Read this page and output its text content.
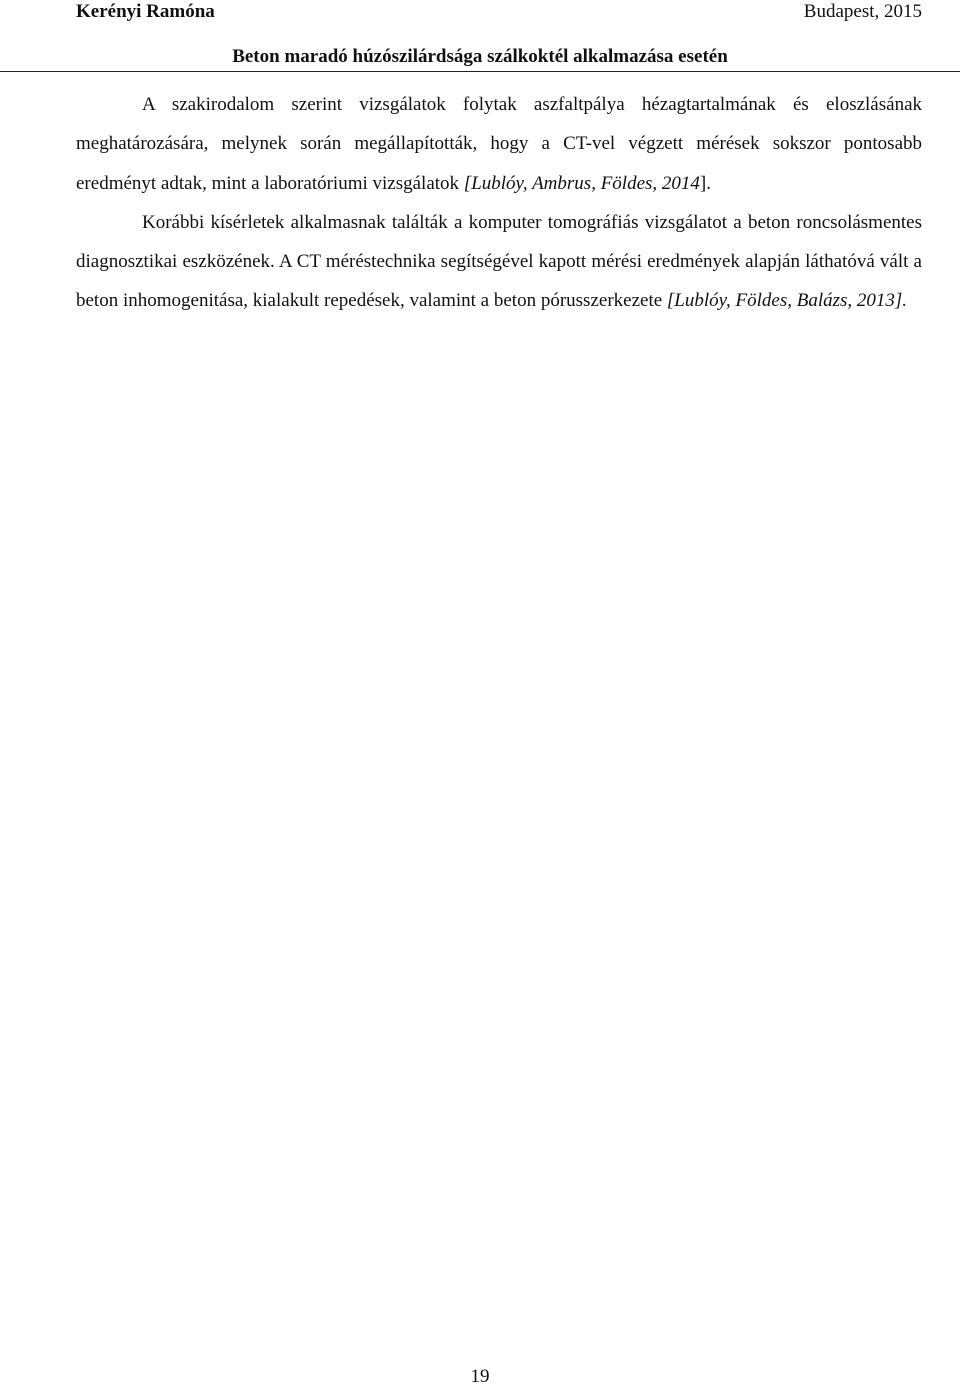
Kerényi Ramóna	Budapest, 2015
Beton maradó húzószilárdsága szálkoktél alkalmazása esetén

A szakirodalom szerint vizsgálatok folytak aszfaltpálya hézagtartalmának és eloszlásának meghatározására, melynek során megállapították, hogy a CT-vel végzett mérések sokszor pontosabb eredményt adtak, mint a laboratóriumi vizsgálatok [Lublóy, Ambrus, Földes, 2014].

Korábbi kísérletek alkalmasnak találták a komputer tomográfiás vizsgálatot a beton roncsolásmentes diagnosztikai eszközének. A CT méréstechnika segítségével kapott mérési eredmények alapján láthatóvá vált a beton inhomogenitása, kialakult repedések, valamint a beton pórusszerkezete [Lublóy, Földes, Balázs, 2013].

19
